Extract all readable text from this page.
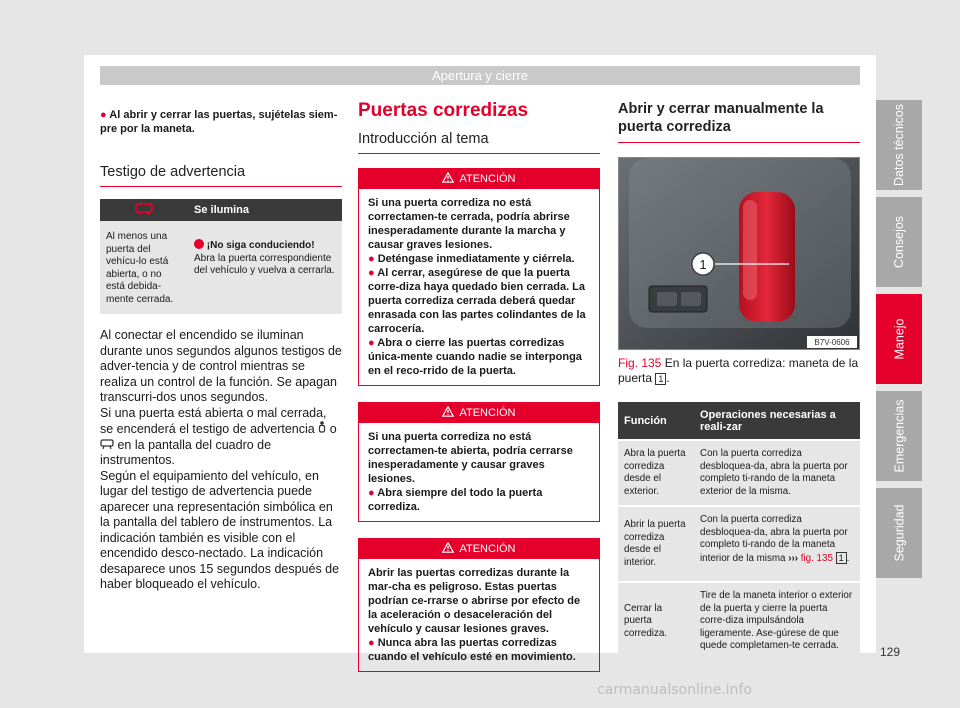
Apertura y cierre
Datos técnicos
Consejos
Manejo
Emergencias
Seguridad
129
carmanualsonline.info
● Al abrir y cerrar las puertas, sujételas siem-pre por la maneta.
Testigo de advertencia
	Se ilumina
Al menos una puerta del vehícu-lo está abierta, o no está debida-mente cerrada.	¡No siga conduciendo!
Abra la puerta correspondiente del vehículo y vuelva a cerrarla.

Al conectar el encendido se iluminan durante unos segundos algunos testigos de adver-tencia y de control mientras se realiza un control de la función. Se apagan transcurri-dos unos segundos.

Si una puerta está abierta o mal cerrada, se encenderá el testigo de advertencia o  en la pantalla del cuadro de instrumentos.

Según el equipamiento del vehículo, en lugar del testigo de advertencia puede aparecer una representación simbólica en la pantalla del tablero de instrumentos. La indicación también es visible con el encendido desco-nectado. La indicación desaparece unos 15 segundos después de haber bloqueado el vehículo.

Puertas corredizas
Introducción al tema
ATENCIÓN
Si una puerta corrediza no está correctamen-te cerrada, podría abrirse inesperadamente durante la marcha y causar graves lesiones.
● Deténgase inmediatamente y ciérrela.
● Al cerrar, asegúrese de que la puerta corre-diza haya quedado bien cerrada. La puerta corrediza cerrada deberá quedar enrasada con las partes colindantes de la carrocería.
● Abra o cierre las puertas corredizas única-mente cuando nadie se interponga en el reco-rrido de la puerta.
ATENCIÓN
Si una puerta corrediza no está correctamen-te abierta, podría cerrarse inesperadamente y causar graves lesiones.
● Abra siempre del todo la puerta corrediza.
ATENCIÓN
Abrir las puertas corredizas durante la mar-cha es peligroso. Estas puertas podrían ce-rrarse o abrirse por efecto de la aceleración o desaceleración del vehículo y causar lesiones graves.
● Nunca abra las puertas corredizas cuando el vehículo esté en movimiento.
Abrir y cerrar manualmente la puerta corrediza
1
B7V-0606
Fig. 135 En la puerta corrediza: maneta de la puerta 1 .
Función	Operaciones necesarias a reali-zar
Abra la puerta corrediza desde el exterior.	Con la puerta corrediza desbloquea-da, abra la puerta por completo ti-rando de la maneta exterior de la misma.
Abrir la puerta corrediza desde el interior.	Con la puerta corrediza desbloquea-da, abra la puerta por completo ti-rando de la maneta interior de la misma ››› fig. 135 1 .
Cerrar la puerta corrediza.	Tire de la maneta interior o exterior de la puerta y cierre la puerta corre-diza impulsándola ligeramente. Ase-gúrese de que quede completamen-te cerrada.
